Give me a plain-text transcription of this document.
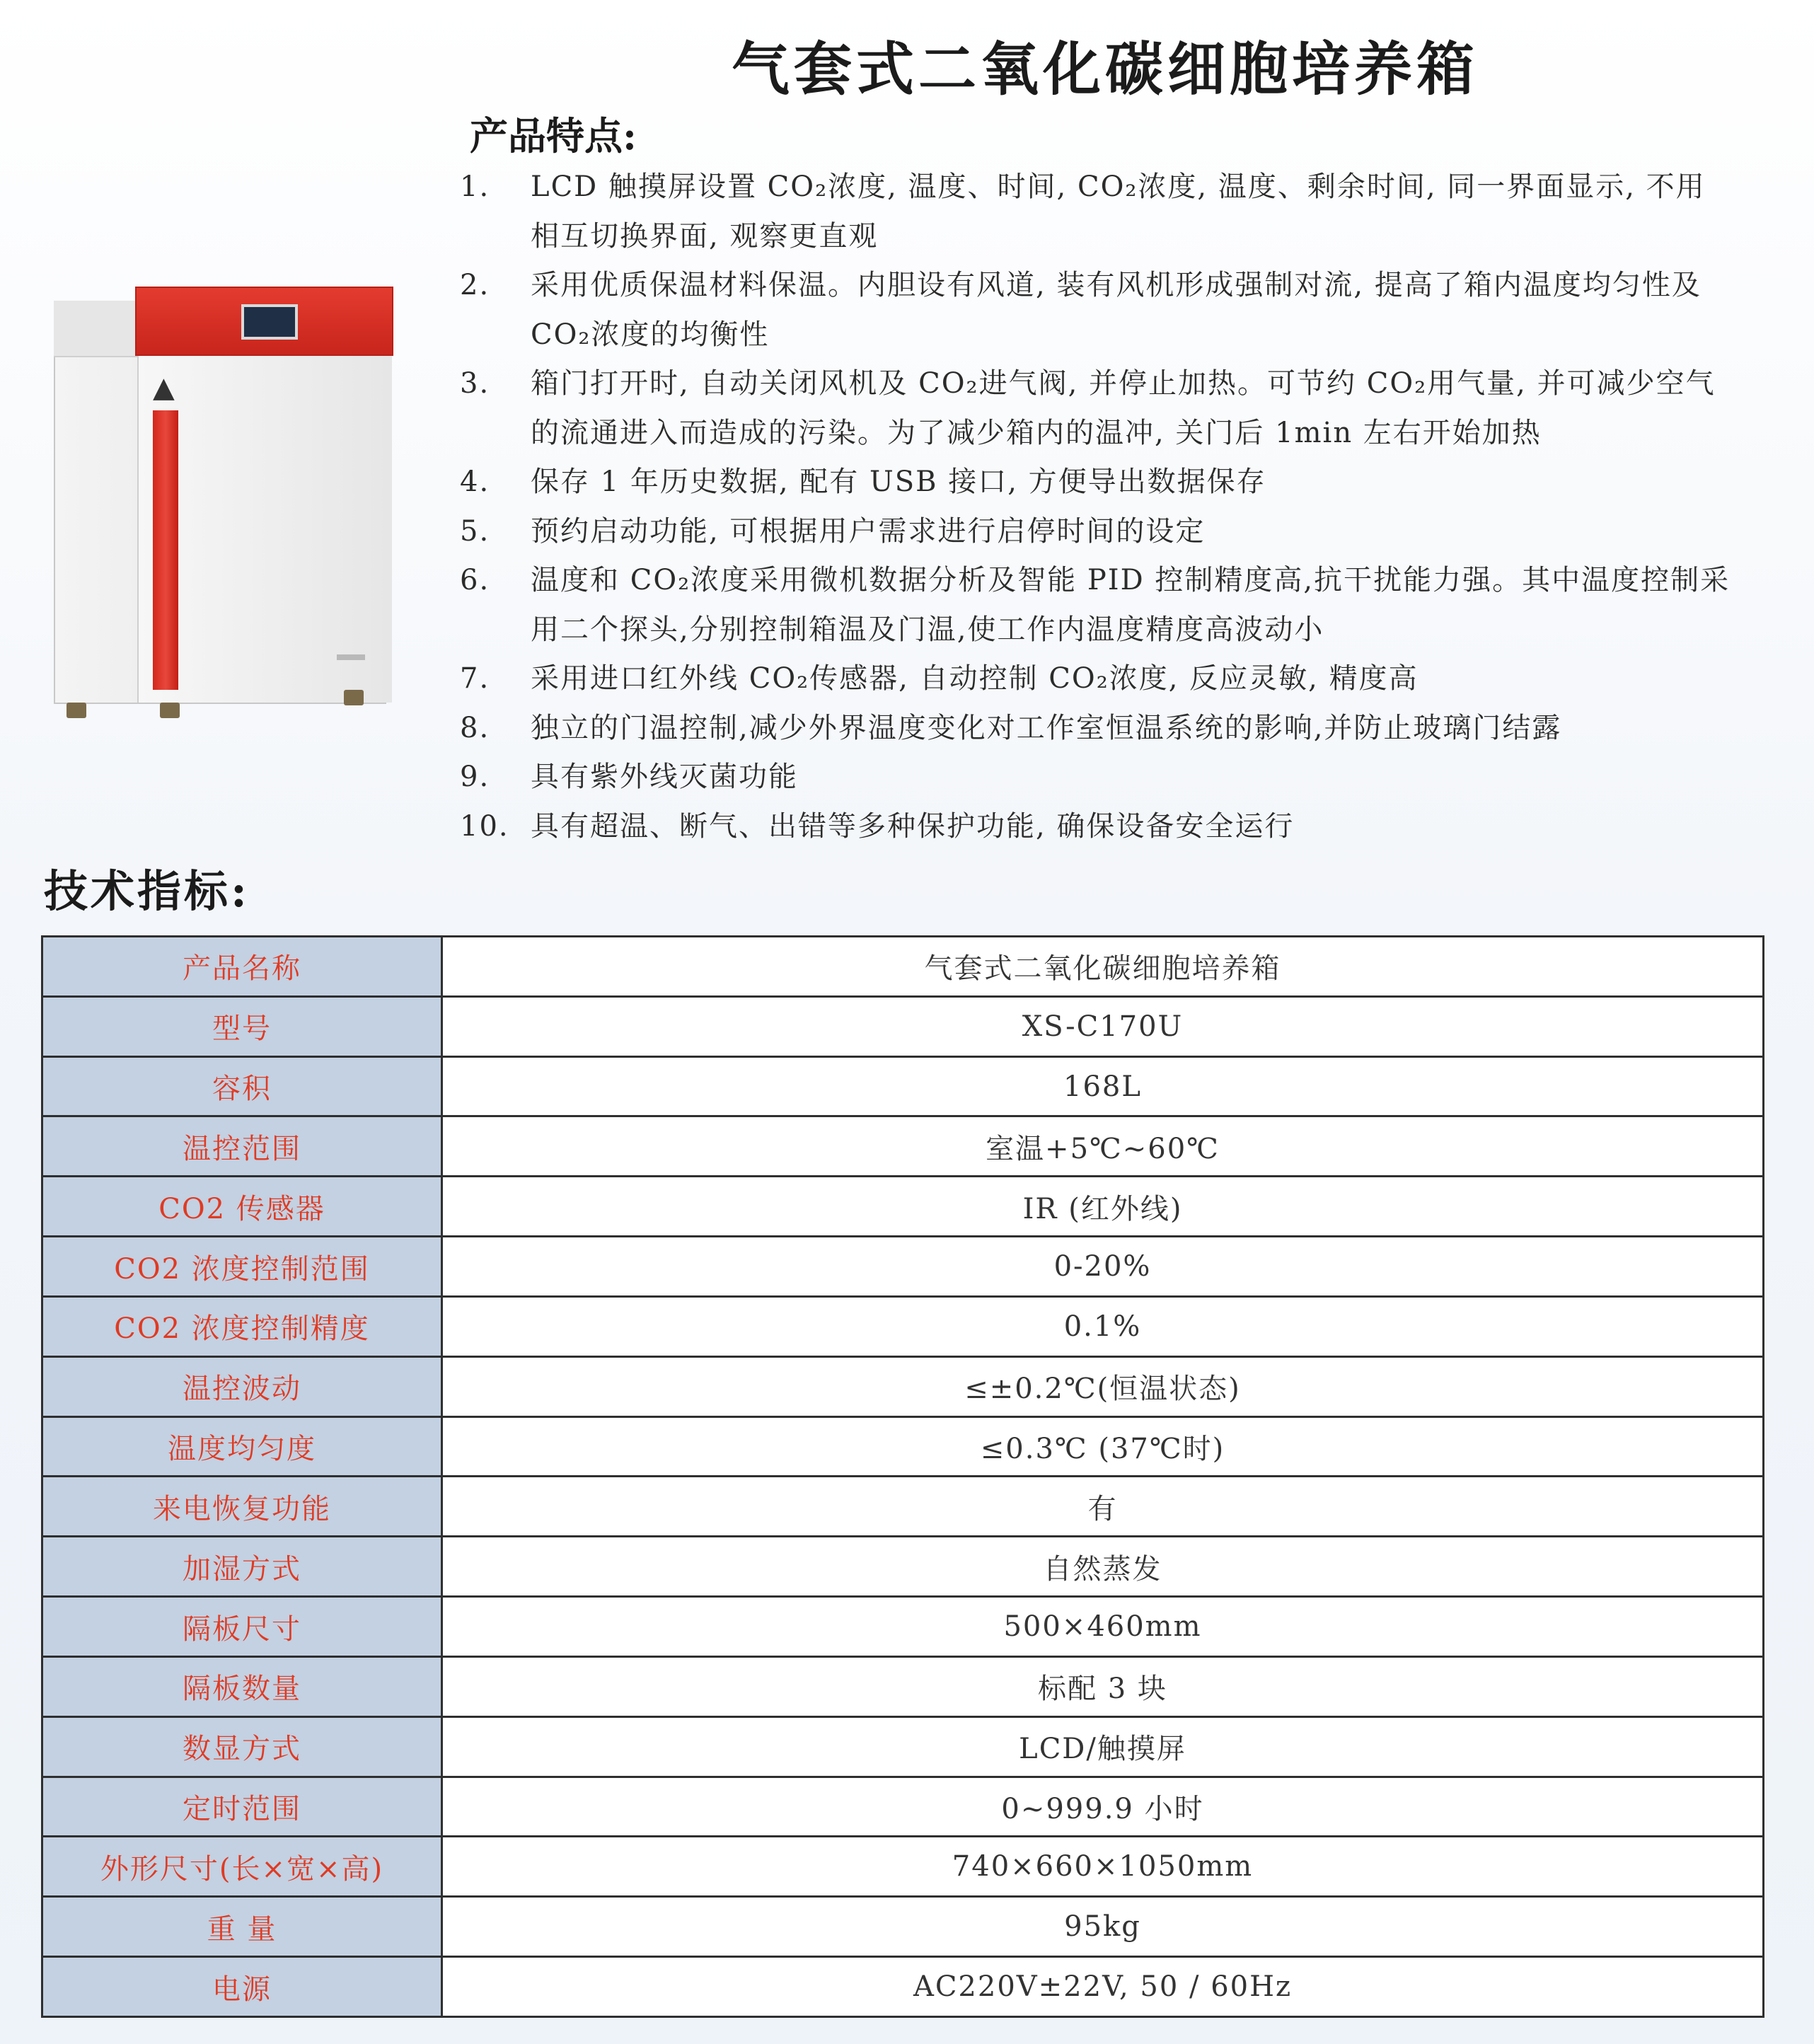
气套式二氧化碳细胞培养箱
产品特点:
1.	LCD 触摸屏设置 CO₂浓度, 温度、时间, CO₂浓度, 温度、剩余时间, 同一界面显示, 不用相互切换界面, 观察更直观
2.	采用优质保温材料保温。内胆设有风道, 装有风机形成强制对流, 提高了箱内温度均匀性及 CO₂浓度的均衡性
3.	箱门打开时, 自动关闭风机及 CO₂进气阀, 并停止加热。可节约 CO₂用气量, 并可减少空气的流通进入而造成的污染。为了减少箱内的温冲, 关门后 1min 左右开始加热
4.	保存 1 年历史数据, 配有 USB 接口, 方便导出数据保存
5.	预约启动功能, 可根据用户需求进行启停时间的设定
6.	温度和 CO₂浓度采用微机数据分析及智能 PID 控制精度高,抗干扰能力强。其中温度控制采用二个探头,分别控制箱温及门温,使工作内温度精度高波动小
7.	采用进口红外线 CO₂传感器, 自动控制 CO₂浓度, 反应灵敏, 精度高
8.	独立的门温控制,减少外界温度变化对工作室恒温系统的影响,并防止玻璃门结露
9.	具有紫外线灭菌功能
10. 具有超温、断气、出错等多种保护功能, 确保设备安全运行
▲
技术指标:
产品名称	气套式二氧化碳细胞培养箱
型号	XS-C170U
容积	168L
温控范围	室温+5℃~60℃
CO2 传感器	IR (红外线)
CO2 浓度控制范围	0-20%
CO2 浓度控制精度	0.1%
温控波动	≤±0.2℃(恒温状态)
温度均匀度	≤0.3℃ (37℃时)
来电恢复功能	有
加湿方式	自然蒸发
隔板尺寸	500×460mm
隔板数量	标配 3 块
数显方式	LCD/触摸屏
定时范围	0~999.9 小时
外形尺寸(长×宽×高)	740×660×1050mm
重 量	95kg
电源	AC220V±22V, 50 / 60Hz
